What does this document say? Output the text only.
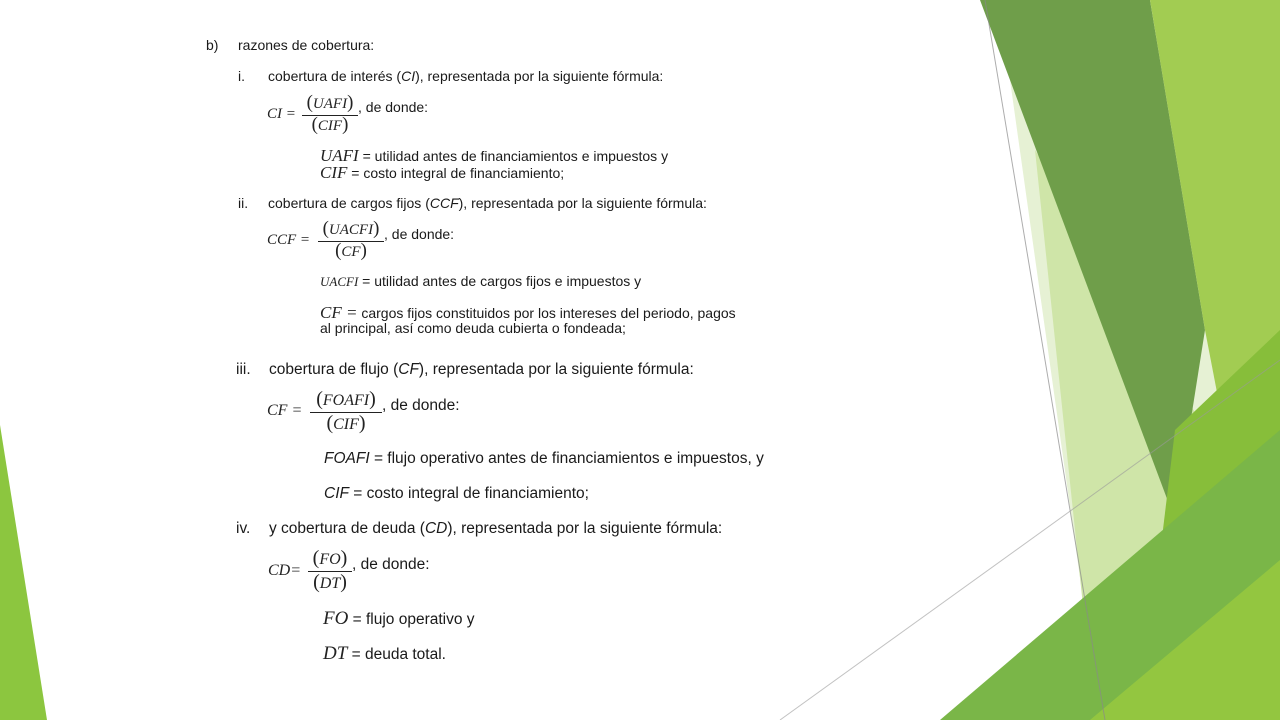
b) razones de cobertura:
i. cobertura de interés (CI), representada por la siguiente fórmula:
CI =
(UAFI)
(CIF)
, de donde:
UAFI = utilidad antes de financiamientos e impuestos y
CIF = costo integral de financiamiento;
ii. cobertura de cargos fijos (CCF), representada por la siguiente fórmula:
CCF =
(UACFI)
(CF)
, de donde:
UACFI = utilidad antes de cargos fijos e impuestos y
CF = cargos fijos constituidos por los intereses del periodo, pagos
al principal, así como deuda cubierta o fondeada;
iii. cobertura de flujo (CF), representada por la siguiente fórmula:
CF =
(FOAFI)
(CIF)
, de donde:
FOAFI = flujo operativo antes de financiamientos e impuestos, y
CIF = costo integral de financiamiento;
iv. y cobertura de deuda (CD), representada por la siguiente fórmula:
CD=
(FO)
(DT)
, de donde:
FO = flujo operativo y
DT = deuda total.
